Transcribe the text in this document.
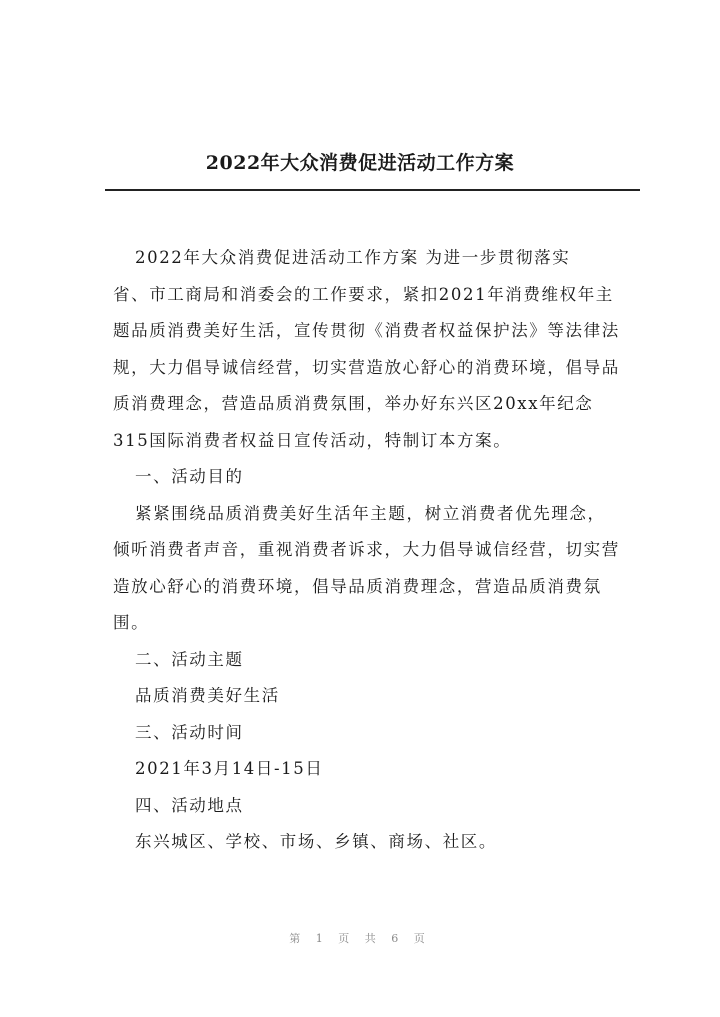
2022年大众消费促进活动工作方案

2022年大众消费促进活动工作方案 为进一步贯彻落实
省、市工商局和消委会的工作要求，紧扣2021年消费维权年主
题品质消费美好生活，宣传贯彻《消费者权益保护法》等法律法
规，大力倡导诚信经营，切实营造放心舒心的消费环境，倡导品
质消费理念，营造品质消费氛围，举办好东兴区20xx年纪念
315国际消费者权益日宣传活动，特制订本方案。

一、活动目的

紧紧围绕品质消费美好生活年主题，树立消费者优先理念，
倾听消费者声音，重视消费者诉求，大力倡导诚信经营，切实营
造放心舒心的消费环境，倡导品质消费理念，营造品质消费氛
围。

二、活动主题

品质消费美好生活

三、活动时间

2021年3月14日-15日

四、活动地点

东兴城区、学校、市场、乡镇、商场、社区。

第 1 页 共 6 页
